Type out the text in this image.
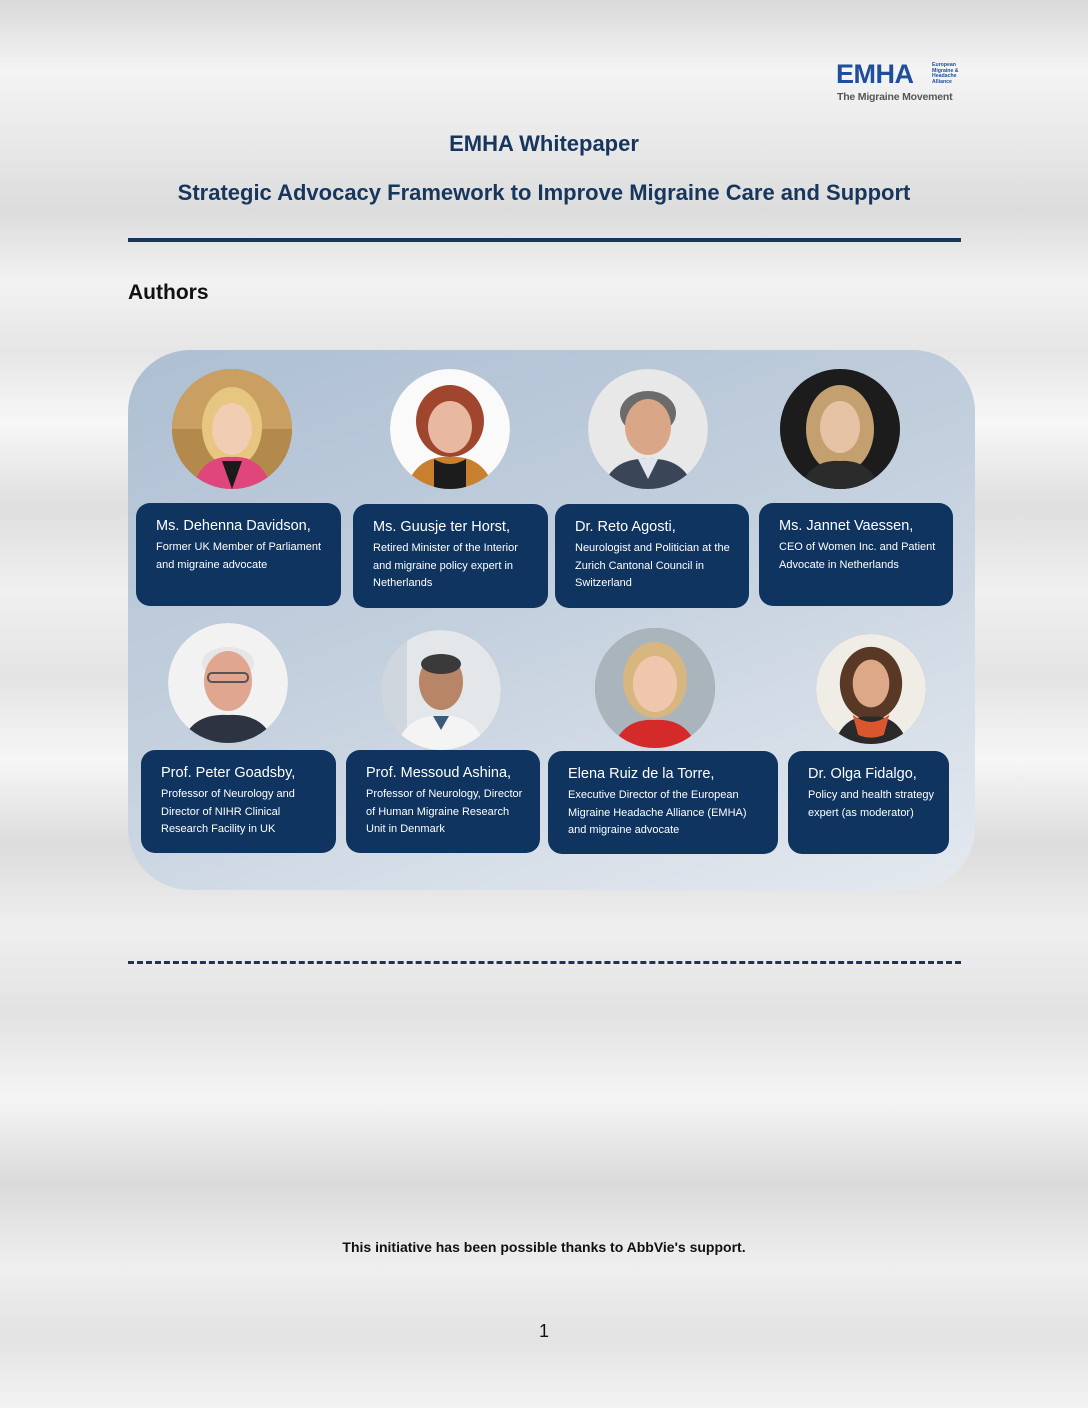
EMHA	European Migraine & Headache Alliance
The Migraine Movement
EMHA Whitepaper
Strategic Advocacy Framework to Improve Migraine Care and Support
Authors

Ms. Dehenna Davidson,

Former UK Member of Parliament and migraine advocate

Ms. Guusje ter Horst,

Retired Minister of the Interior and migraine policy expert in Netherlands

Dr. Reto Agosti,

Neurologist and Politician at the Zurich Cantonal Council in Switzerland

Ms. Jannet Vaessen,

CEO of Women Inc. and Patient Advocate in Netherlands

Prof. Peter Goadsby,

Professor of Neurology and Director of NIHR Clinical Research Facility in UK

Prof. Messoud Ashina,

Professor of Neurology, Director of Human Migraine Research Unit in Denmark

Elena Ruiz de la Torre,

Executive Director of the European Migraine Headache Alliance (EMHA) and migraine advocate

Dr. Olga Fidalgo,

Policy and health strategy expert (as moderator)

This initiative has been possible thanks to AbbVie's support.

1
